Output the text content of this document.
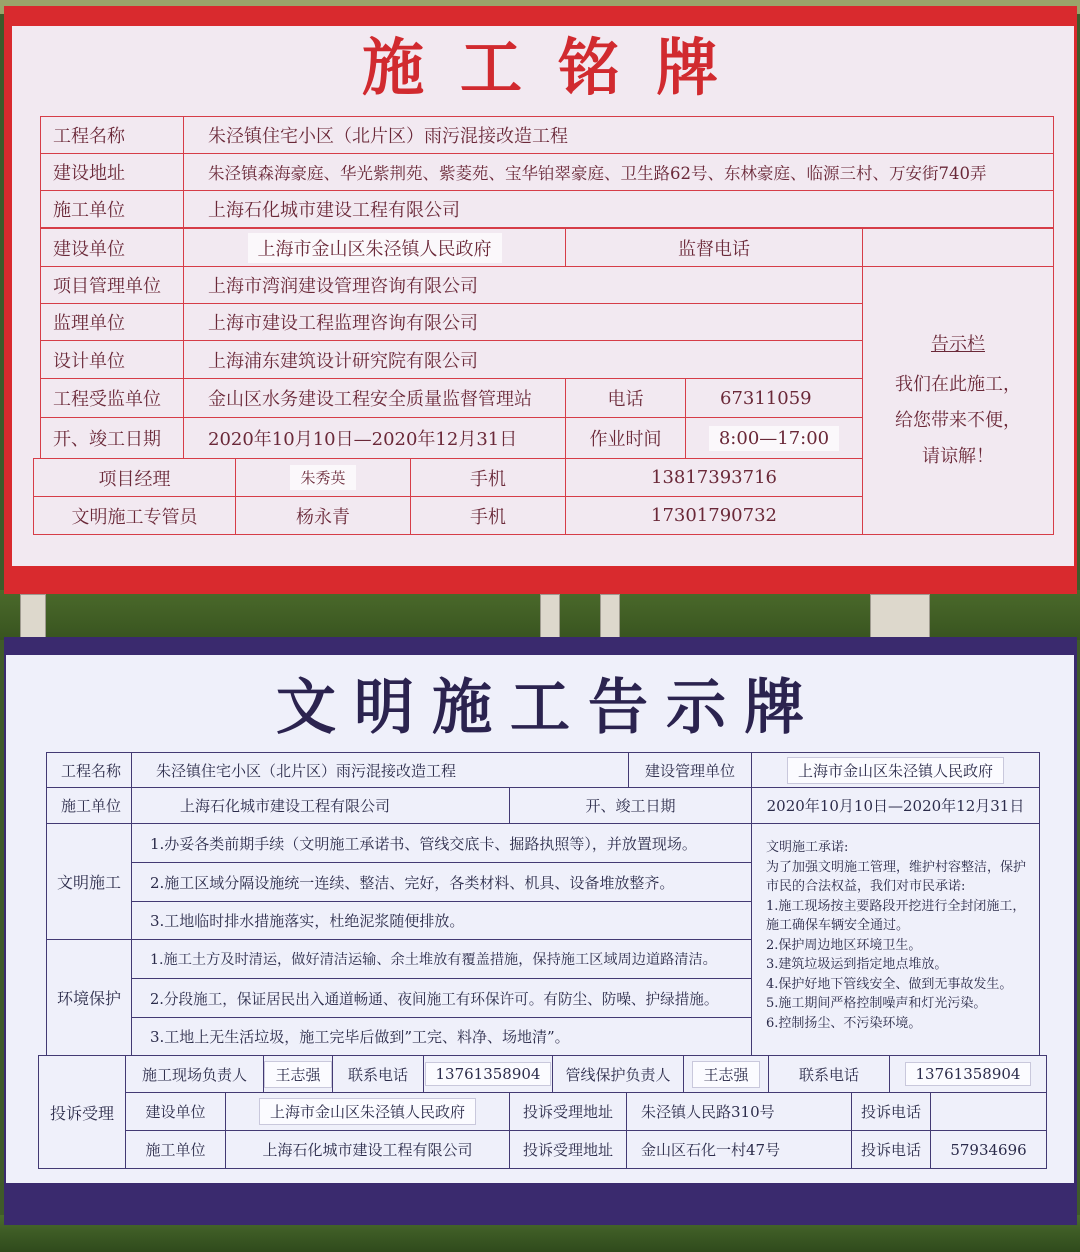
施工铭牌
工程名称	朱泾镇住宅小区（北片区）雨污混接改造工程
建设地址	朱泾镇森海豪庭、华光紫荆苑、紫菱苑、宝华铂翠豪庭、卫生路62号、东林豪庭、临源三村、万安街740弄
施工单位	上海石化城市建设工程有限公司
建设单位	上海市金山区朱泾镇人民政府	监督电话
项目管理单位	上海市湾润建设管理咨询有限公司
监理单位	上海市建设工程监理咨询有限公司
设计单位	上海浦东建筑设计研究院有限公司
工程受监单位	金山区水务建设工程安全质量监督管理站	电话	67311059
开、竣工日期	2020年10月10日—2020年12月31日	作业时间	8:00—17:00
告示栏
我们在此施工，
给您带来不便，
请谅解！
项目经理	朱秀英	手机	13817393716
文明施工专管员	杨永青	手机	17301790732
文明施工告示牌
工程名称	朱泾镇住宅小区（北片区）雨污混接改造工程	建设管理单位	上海市金山区朱泾镇人民政府
施工单位	上海石化城市建设工程有限公司	开、竣工日期	2020年10月10日—2020年12月31日
文明施工
1.办妥各类前期手续（文明施工承诺书、管线交底卡、掘路执照等），并放置现场。
2.施工区域分隔设施统一连续、整洁、完好，各类材料、机具、设备堆放整齐。
3.工地临时排水措施落实，杜绝泥浆随便排放。
环境保护
1.施工土方及时清运，做好清洁运输、余土堆放有覆盖措施，保持施工区域周边道路清洁。
2.分段施工，保证居民出入通道畅通、夜间施工有环保许可。有防尘、防噪、护绿措施。
3.工地上无生活垃圾，施工完毕后做到”工完、料净、场地清”。
文明施工承诺:
为了加强文明施工管理，维护村容整洁，保护市民的合法权益，我们对市民承诺:
1.施工现场按主要路段开挖进行全封闭施工，施工确保车辆安全通过。
2.保护周边地区环境卫生。
3.建筑垃圾运到指定地点堆放。
4.保护好地下管线安全、做到无事故发生。
5.施工期间严格控制噪声和灯光污染。
6.控制扬尘、不污染环境。
投诉受理
施工现场负责人	王志强	联系电话	13761358904	管线保护负责人	王志强	联系电话	13761358904
建设单位	上海市金山区朱泾镇人民政府	投诉受理地址	朱泾镇人民路310号	投诉电话
施工单位	上海石化城市建设工程有限公司	投诉受理地址	金山区石化一村47号	投诉电话	57934696
